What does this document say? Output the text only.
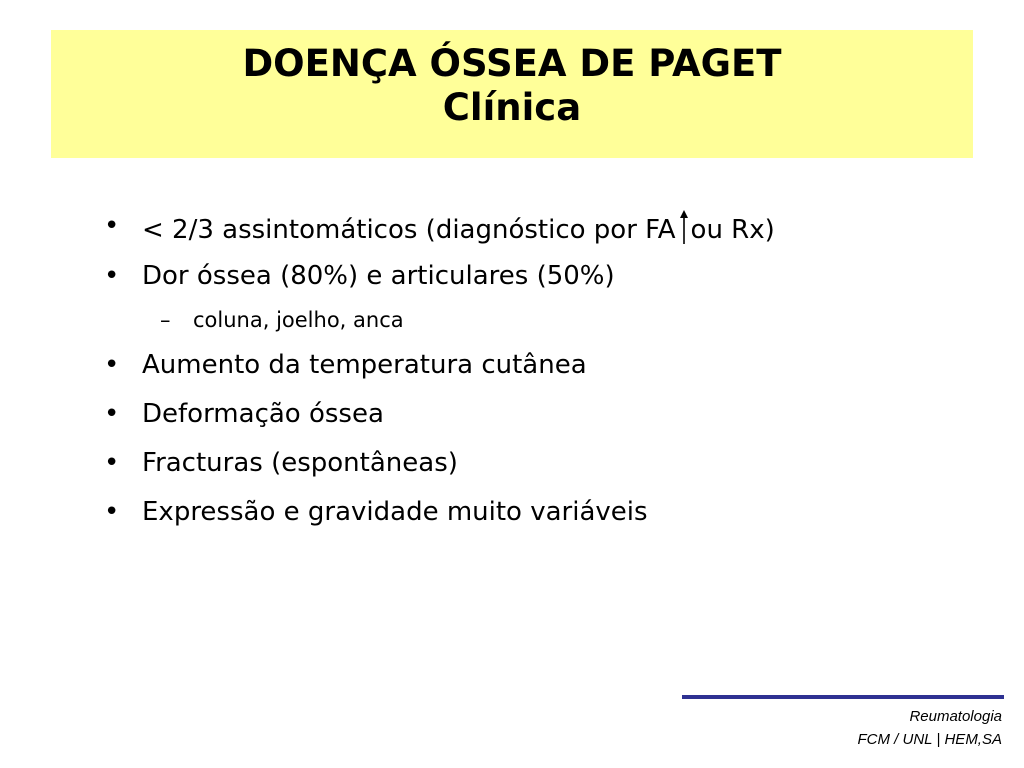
DOENÇA ÓSSEA DE PAGET
Clínica
• < 2/3 assintomáticos (diagnóstico por FA ou Rx)
• Dor óssea (80%) e articulares (50%)
– coluna, joelho, anca
• Aumento da temperatura cutânea
• Deformação óssea
• Fracturas (espontâneas)
• Expressão e gravidade muito variáveis
Reumatologia
FCM / UNL | HEM,SA
